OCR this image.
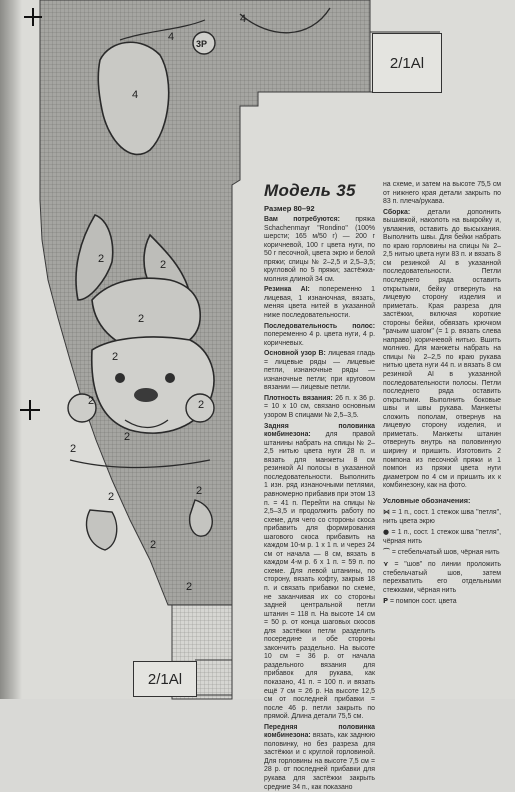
4
4
4
3P
2	2
2
2
2	2
2
2
2	2
2
2
2/1Al
2/1Al
Модель 35
Размер 80–92

Вам потребуются: пряжа Schachenmayr "Rondino" (100% шерсти; 165 м/50 г) — 200 г коричневой, 100 г цвета нуги, по 50 г песочной, цвета экрю и белой пряжи; спицы № 2–2,5 и 2,5–3,5; кругловой по 5 пряжи; застёжка-молния длиной 34 см.

Резинка AI: попеременно 1 лицевая, 1 изнаночная, вязать, меняя цвета нитей в указанной ниже последовательности.

Последовательность полос: попеременно 4 р. цвета нуги, 4 р. коричневых.

Основной узор B: лицевая гладь = лицевые ряды — лицевые петли, изнаночные ряды — изнаночные петли; при круговом вязании — лицевые петли.

Плотность вязания: 26 п. x 36 р. = 10 x 10 см, связано основным узором В спицами № 2,5–3,5.

Задняя половинка комбинезона: для правой штанины набрать на спицы № 2–2,5 нитью цвета нуги 28 п. и вязать для манжеты 8 см резинкой AI полосы в указанной последовательности. Выполнить 1 изн. ряд изнаночными петлями, равномерно прибавив при этом 13 п. = 41 п. Перейти на спицы № 2,5–3,5 и продолжить работу по схеме, для чего со стороны скоса прибавить для формирования шагового скоса прибавить на каждом 10-м р. 1 x 1 п. и через 24 см от начала — 8 см, вязать в каждом 4-м р. 6 x 1 п. = 59 п. по схеме. Для левой штанины, по сторону, вязать кофту, закрыв 18 п. и связать прибавки по схеме, не заканчивая их со стороны задней центральной петли штанин = 118 п. На высоте 14 см = 50 р. от конца шаговых скосов для застёжки петли разделить посередине и обе стороны закончить раздельно. На высоте 10 см = 36 р. от начала раздельного вязания для прибавок для рукава, как показано, 41 п. = 100 п. и вязать ещё 7 см = 26 р. На высоте 12,5 см от последней прибавки = после 46 р. петли закрыть по прямой. Длина детали 75,5 см.

Передняя половинка комбинезона: вязать, как заднюю половинку, но без разреза для застёжки и с круглой горловиной. Для горловины на высоте 7,5 см = 28 р. от последней прибавки для рукава для застёжки закрыть средние 34 п., как показано

на схеме, и затем на высоте 75,5 см от нижнего края детали закрыть по 83 п. плеча/рукава.

Сборка:	детали дополнить вышивкой, наколоть на выкройку и, увлажнив, оставить до высыхания. Выполнить швы. Для бейки набрать по краю горловины на спицы № 2–2,5 нитью цвета нуги 83 п. и вязать 8 см резинкой AI в указанной последовательности. Петли последнего ряда оставить открытыми, бейку отвернуть на лицевую сторону изделия и приметать. Края разреза для застёжки, включая короткие стороны бейки, обвязать крючком "рачьим шагом" (= 1 р. вязать слева направо) коричневой нитью. Вшить молнию. Для манжеты набрать на спицы № 2–2,5 по краю рукава нитью цвета нуги 44 п. и вязать 8 см резинкой AI в указанной последовательности полосы. Петли последнего ряда оставить открытыми. Выполнить боковые швы и швы рукава. Манжеты сложить пополам, отвернув на лицевую сторону изделия, и приметать. Манжеты штанин отвернуть внутрь на половинную ширину и пришить. Изготовить 2 помпона из песочной пряжи и 1 помпон из пряжи цвета нуги диаметром по 4 см и пришить их к комбинезону, как на фото.

Условные обозначения:

⋈ = 1 п., сост. 1 стежок шва "петля", нить цвета экрю

● = 1 п., сост. 1 стежок шва "петля", чёрная нить

⌒ = стебельчатый шов, чёрная нить

⋎ = "шов" по линии проложить стебельчатый шов, затем перехватить его отдельными стежками, чёрная нить

P = помпон сост. цвета
